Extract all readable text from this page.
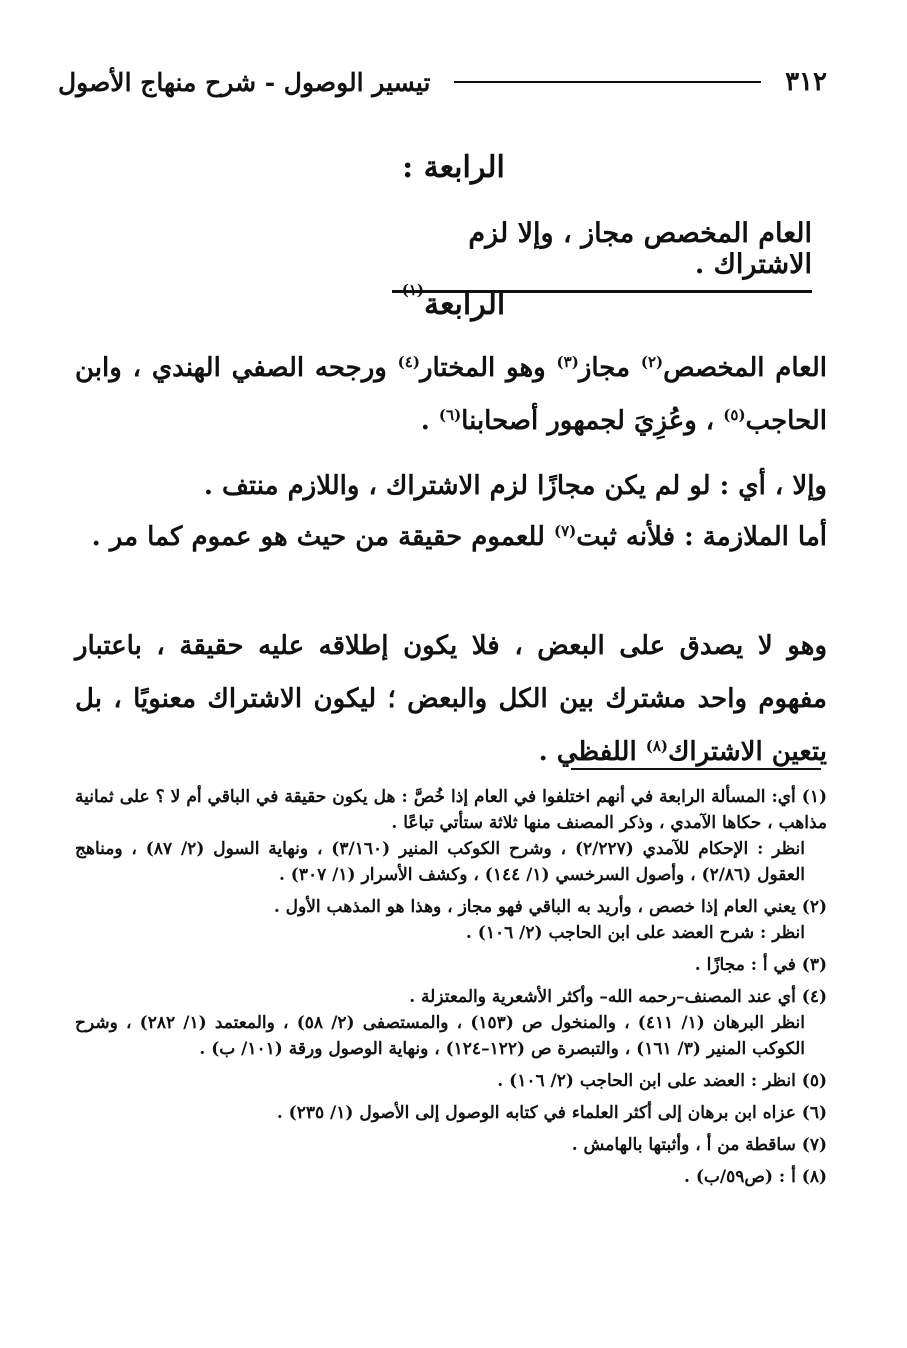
٣١٢
تيسير الوصول - شرح منهاج الأصول
الرابعة :
العام المخصص مجاز ، وإلا لزم الاشتراك .
الرابعة$^{(١)}$
العام المخصص$^{(٢)}$ مجاز$^{(٣)}$ وهو المختار$^{(٤)}$ ورجحه الصفي الهندي ، وابن الحاجب$^{(٥)}$ ، وعُزِيَ لجمهور أصحابنا$^{(٦)}$ .
وإلا ، أي : لو لم يكن مجازًا لزم الاشتراك ، واللازم منتف .
أما الملازمة : فلأنه ثبت$^{(٧)}$ للعموم حقيقة من حيث هو عموم كما مر .
وهو لا يصدق على البعض ، فلا يكون إطلاقه عليه حقيقة ، باعتبار مفهوم واحد مشترك بين الكل والبعض ؛ ليكون الاشتراك معنويًا ، بل يتعين الاشتراك$^{(٨)}$ اللفظي .

(١) أي: المسألة الرابعة في أنهم اختلفوا في العام إذا خُصَّ : هل يكون حقيقة في الباقي أم لا ؟ على ثمانية مذاهب ، حكاها الآمدي ، وذكر المصنف منها ثلاثة ستأتي تباعًا .

انظر : الإحكام للآمدي (٢/٢٢٧) ، وشرح الكوكب المنير (٣/١٦٠) ، ونهاية السول (٢/ ٨٧) ، ومناهج العقول (٢/٨٦) ، وأصول السرخسي (١/ ١٤٤) ، وكشف الأسرار (١/ ٣٠٧) .

(٢) يعني العام إذا خصص ، وأريد به الباقي فهو مجاز ، وهذا هو المذهب الأول .

انظر : شرح العضد على ابن الحاجب (٢/ ١٠٦) .

(٣) في أ : مجازًا .

(٤) أي عند المصنف–رحمه الله– وأكثر الأشعرية والمعتزلة .

انظر البرهان (١/ ٤١١) ، والمنخول ص (١٥٣) ، والمستصفى (٢/ ٥٨) ، والمعتمد (١/ ٢٨٢) ، وشرح الكوكب المنير (٣/ ١٦١) ، والتبصرة ص (١٢٢–١٢٤) ، ونهاية الوصول ورقة (١٠١/ ب) .

(٥) انظر : العضد على ابن الحاجب (٢/ ١٠٦) .

(٦) عزاه ابن برهان إلى أكثر العلماء في كتابه الوصول إلى الأصول (١/ ٢٣٥) .

(٧) ساقطة من أ ، وأثبتها بالهامش .

(٨) أ : (ص٥٩/ب) .
